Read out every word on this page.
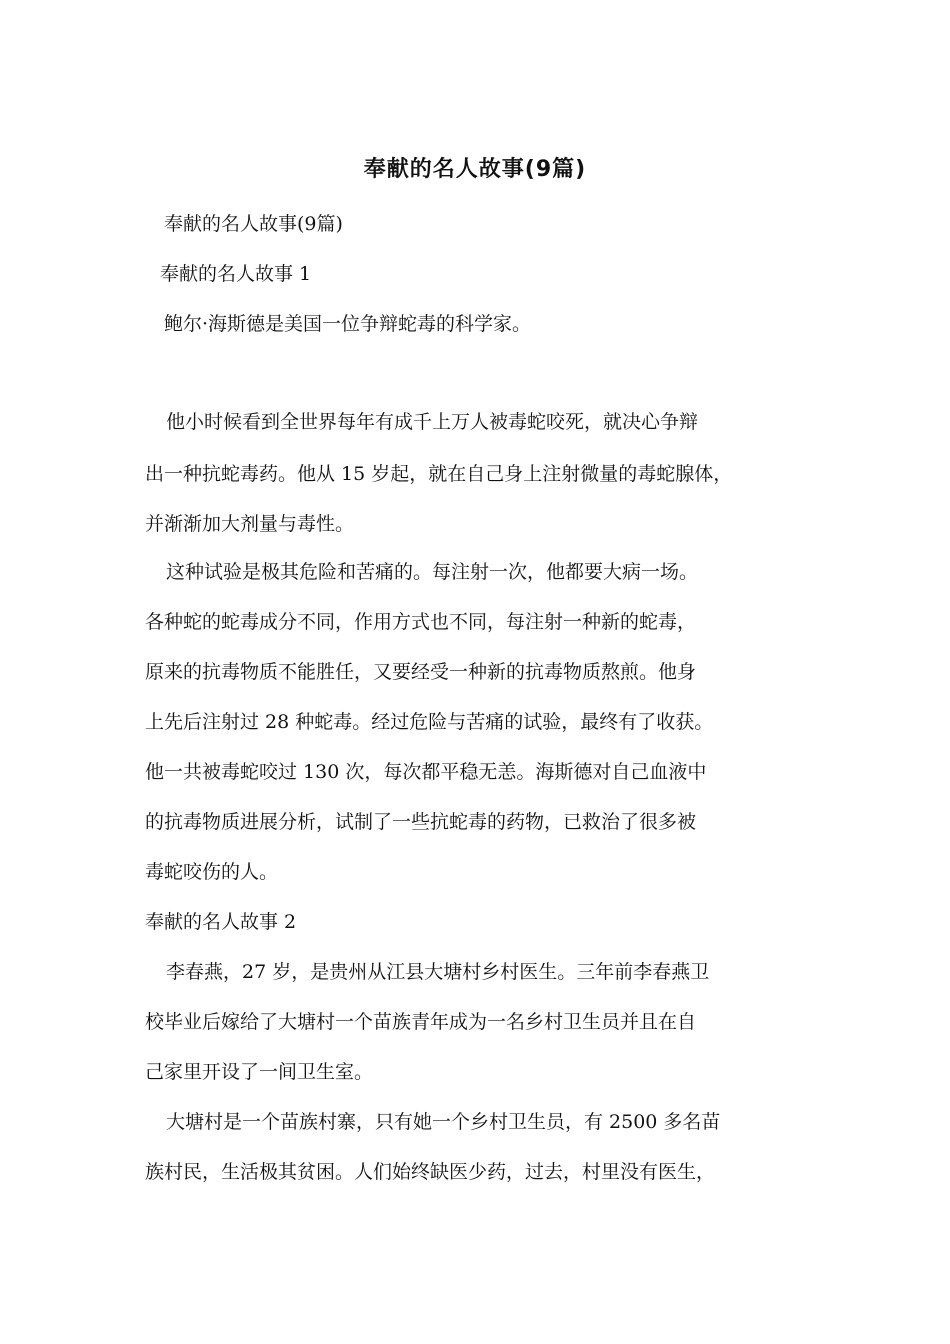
奉献的名人故事(9篇)
奉献的名人故事(9篇)
奉献的名人故事 1
鲍尔·海斯德是美国一位争辩蛇毒的科学家。
他小时候看到全世界每年有成千上万人被毒蛇咬死，就决心争辩
出一种抗蛇毒药。他从 15 岁起，就在自己身上注射微量的毒蛇腺体，
并渐渐加大剂量与毒性。
这种试验是极其危险和苦痛的。每注射一次，他都要大病一场。
各种蛇的蛇毒成分不同，作用方式也不同，每注射一种新的蛇毒，
原来的抗毒物质不能胜任，又要经受一种新的抗毒物质熬煎。他身
上先后注射过 28 种蛇毒。经过危险与苦痛的试验，最终有了收获。
他一共被毒蛇咬过 130 次，每次都平稳无恙。海斯德对自己血液中
的抗毒物质进展分析，试制了一些抗蛇毒的药物，已救治了很多被
毒蛇咬伤的人。
奉献的名人故事 2
李春燕，27 岁，是贵州从江县大塘村乡村医生。三年前李春燕卫
校毕业后嫁给了大塘村一个苗族青年成为一名乡村卫生员并且在自
己家里开设了一间卫生室。
大塘村是一个苗族村寨，只有她一个乡村卫生员，有 2500 多名苗
族村民，生活极其贫困。人们始终缺医少药，过去，村里没有医生，
